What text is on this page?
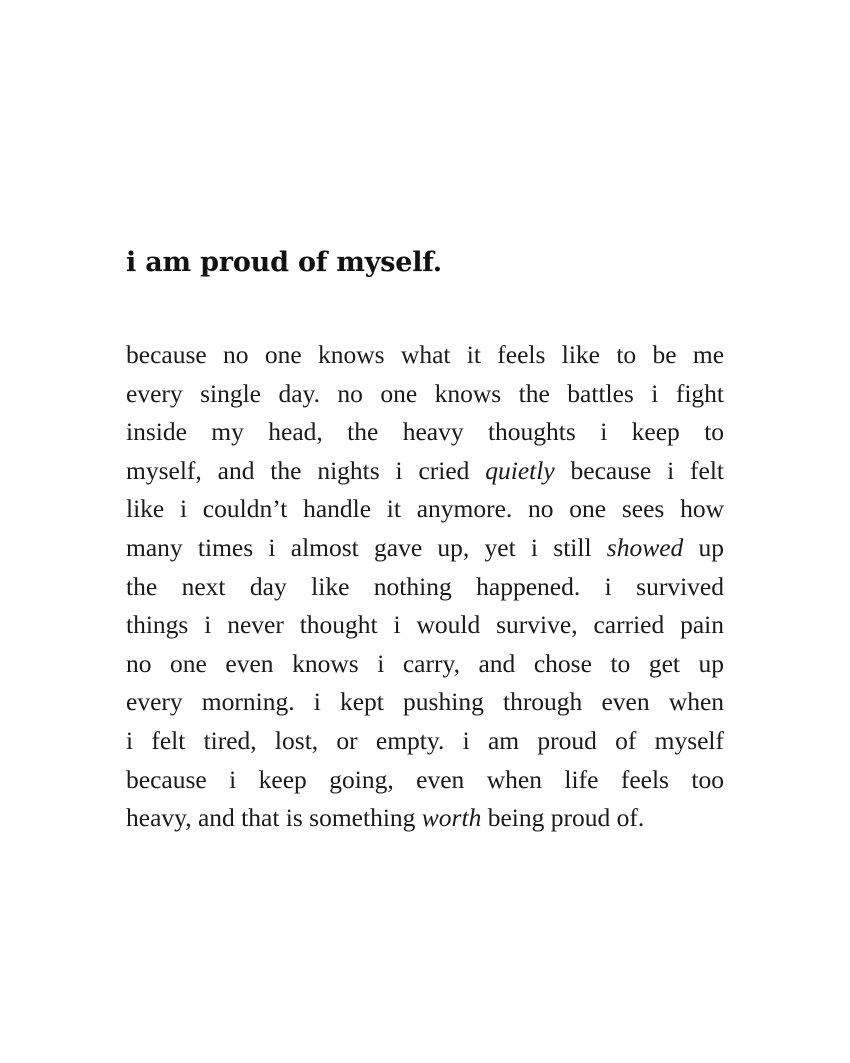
i am proud of myself.
because no one knows what it feels like to be me
every single day. no one knows the battles i fight
inside my head, the heavy thoughts i keep to
myself, and the nights i cried quietly because i felt
like i couldn’t handle it anymore. no one sees how
many times i almost gave up, yet i still showed up
the next day like nothing happened. i survived
things i never thought i would survive, carried pain
no one even knows i carry, and chose to get up
every morning. i kept pushing through even when
i felt tired, lost, or empty. i am proud of myself
because i keep going, even when life feels too
heavy, and that is something worth being proud of.
